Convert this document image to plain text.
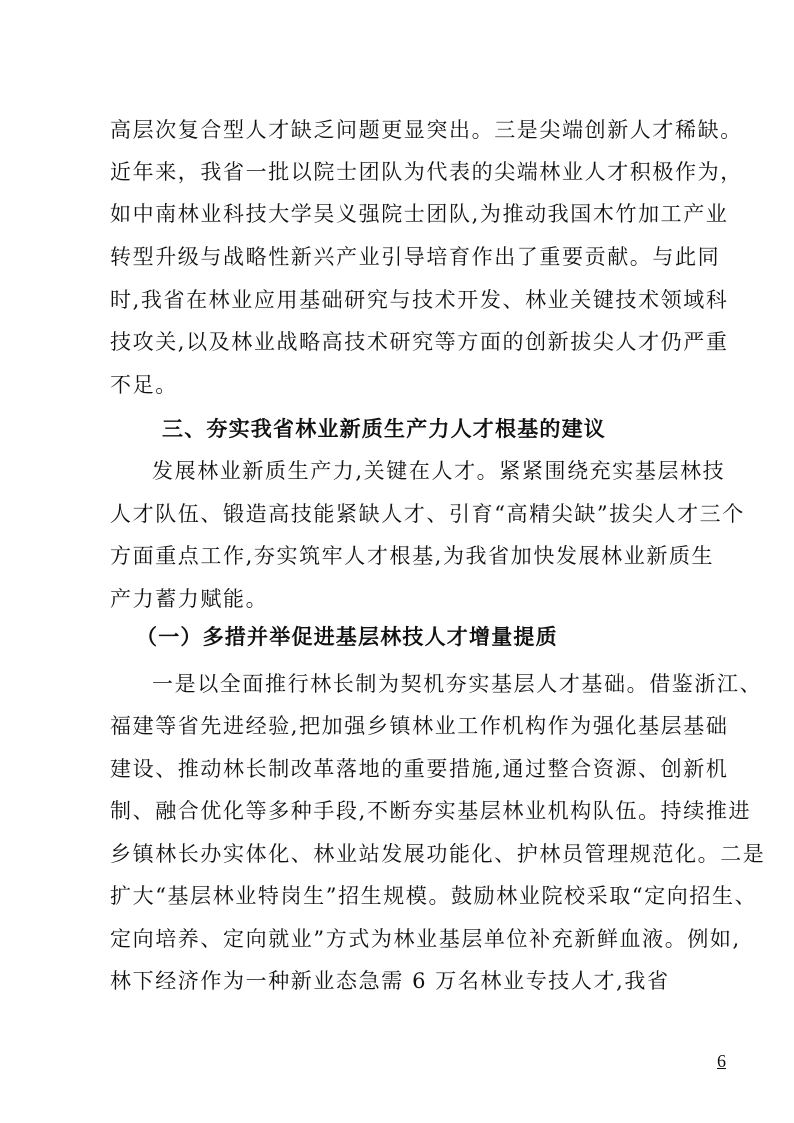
高层次复合型人才缺乏问题更显突出。三是尖端创新人才稀缺。
近年来，我省一批以院士团队为代表的尖端林业人才积极作为，
如中南林业科技大学吴义强院士团队,为推动我国木竹加工产业
转型升级与战略性新兴产业引导培育作出了重要贡献。与此同
时,我省在林业应用基础研究与技术开发、林业关键技术领域科
技攻关,以及林业战略高技术研究等方面的创新拔尖人才仍严重
不足。
三、夯实我省林业新质生产力人才根基的建议
发展林业新质生产力,关键在人才。紧紧围绕充实基层林技
人才队伍、锻造高技能紧缺人才、引育“高精尖缺”拔尖人才三个
方面重点工作,夯实筑牢人才根基,为我省加快发展林业新质生
产力蓄力赋能。
（一）多措并举促进基层林技人才增量提质
一是以全面推行林长制为契机夯实基层人才基础。借鉴浙江、
福建等省先进经验,把加强乡镇林业工作机构作为强化基层基础
建设、推动林长制改革落地的重要措施,通过整合资源、创新机
制、融合优化等多种手段,不断夯实基层林业机构队伍。持续推进
乡镇林长办实体化、林业站发展功能化、护林员管理规范化。二是
扩大“基层林业特岗生”招生规模。鼓励林业院校采取“定向招生、
定向培养、定向就业”方式为林业基层单位补充新鲜血液。例如,
林下经济作为一种新业态急需 6 万名林业专技人才,我省
6
